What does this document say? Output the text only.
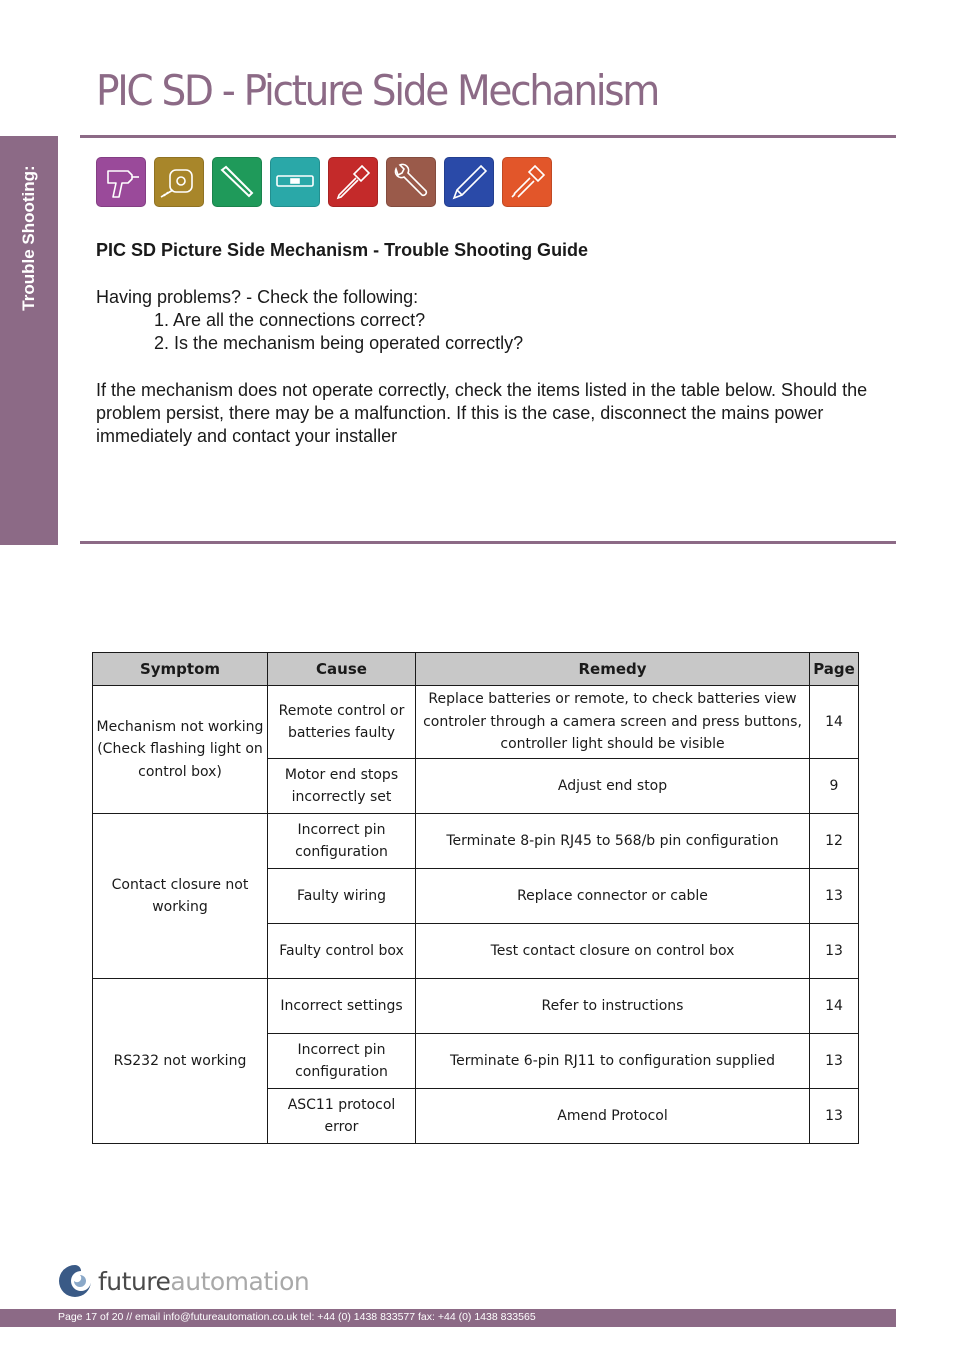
Trouble Shooting:
PIC SD - Picture Side Mechanism
PIC SD Picture Side Mechanism - Trouble Shooting Guide

Having problems? - Check the following:

1. Are all the connections correct?

2. Is the mechanism being operated correctly?

If the mechanism does not operate correctly, check the items listed in the table below. Should the problem persist, there may be a malfunction. If this is the case, disconnect the mains power immediately and contact your installer

Symptom	Cause	Remedy	Page
Mechanism not working (Check flashing light on control box)	Remote control or batteries faulty	Replace batteries or remote, to check batteries view controler through a camera screen and press buttons, controller light should be visible	14
	Motor end stops incorrectly set	Adjust end stop	9
Contact closure not working	Incorrect pin configuration	Terminate 8-pin RJ45 to 568/b pin configuration	12
	Faulty wiring	Replace connector or cable	13
	Faulty control box	Test contact closure on control box	13
RS232 not working	Incorrect settings	Refer to instructions	14
	Incorrect pin configuration	Terminate 6-pin RJ11 to configuration supplied	13
	ASC11 protocol error	Amend Protocol	13
futureautomation
Page 17 of 20 // email info@futureautomation.co.uk tel: +44 (0) 1438 833577 fax: +44 (0) 1438 833565
